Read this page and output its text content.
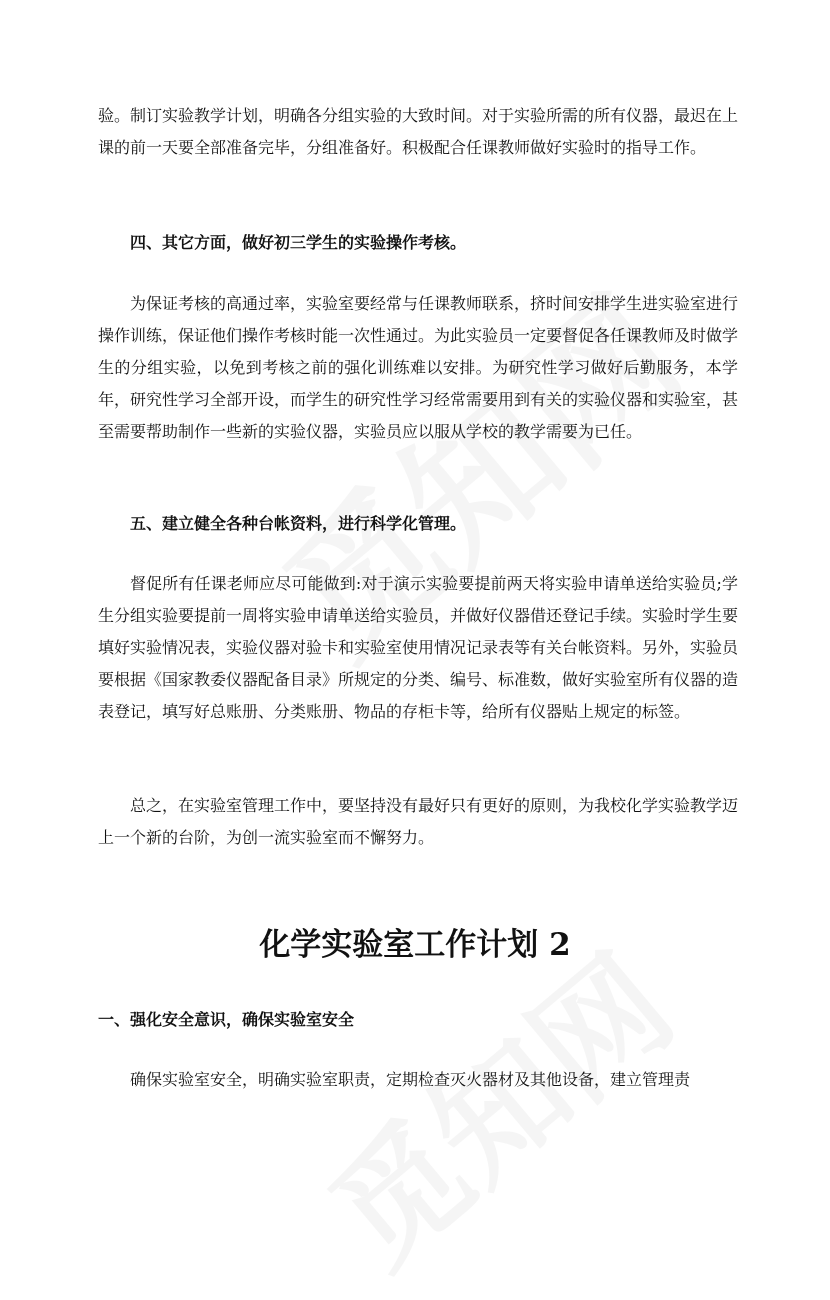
验。制订实验教学计划，明确各分组实验的大致时间。对于实验所需的所有仪器，最迟在上课的前一天要全部准备完毕，分组准备好。积极配合任课教师做好实验时的指导工作。

四、其它方面，做好初三学生的实验操作考核。

为保证考核的高通过率，实验室要经常与任课教师联系，挤时间安排学生进实验室进行操作训练，保证他们操作考核时能一次性通过。为此实验员一定要督促各任课教师及时做学生的分组实验，以免到考核之前的强化训练难以安排。为研究性学习做好后勤服务，本学年，研究性学习全部开设，而学生的研究性学习经常需要用到有关的实验仪器和实验室，甚至需要帮助制作一些新的实验仪器，实验员应以服从学校的教学需要为已任。

五、建立健全各种台帐资料，进行科学化管理。

督促所有任课老师应尽可能做到:对于演示实验要提前两天将实验申请单送给实验员;学生分组实验要提前一周将实验申请单送给实验员，并做好仪器借还登记手续。实验时学生要填好实验情况表，实验仪器对验卡和实验室使用情况记录表等有关台帐资料。另外，实验员要根据《国家教委仪器配备目录》所规定的分类、编号、标准数，做好实验室所有仪器的造表登记，填写好总账册、分类账册、物品的存柜卡等，给所有仪器贴上规定的标签。

总之，在实验室管理工作中，要坚持没有最好只有更好的原则，为我校化学实验教学迈上一个新的台阶，为创一流实验室而不懈努力。

化学实验室工作计划 2

一、强化安全意识，确保实验室安全

确保实验室安全，明确实验室职责，定期检查灭火器材及其他设备，建立管理责
